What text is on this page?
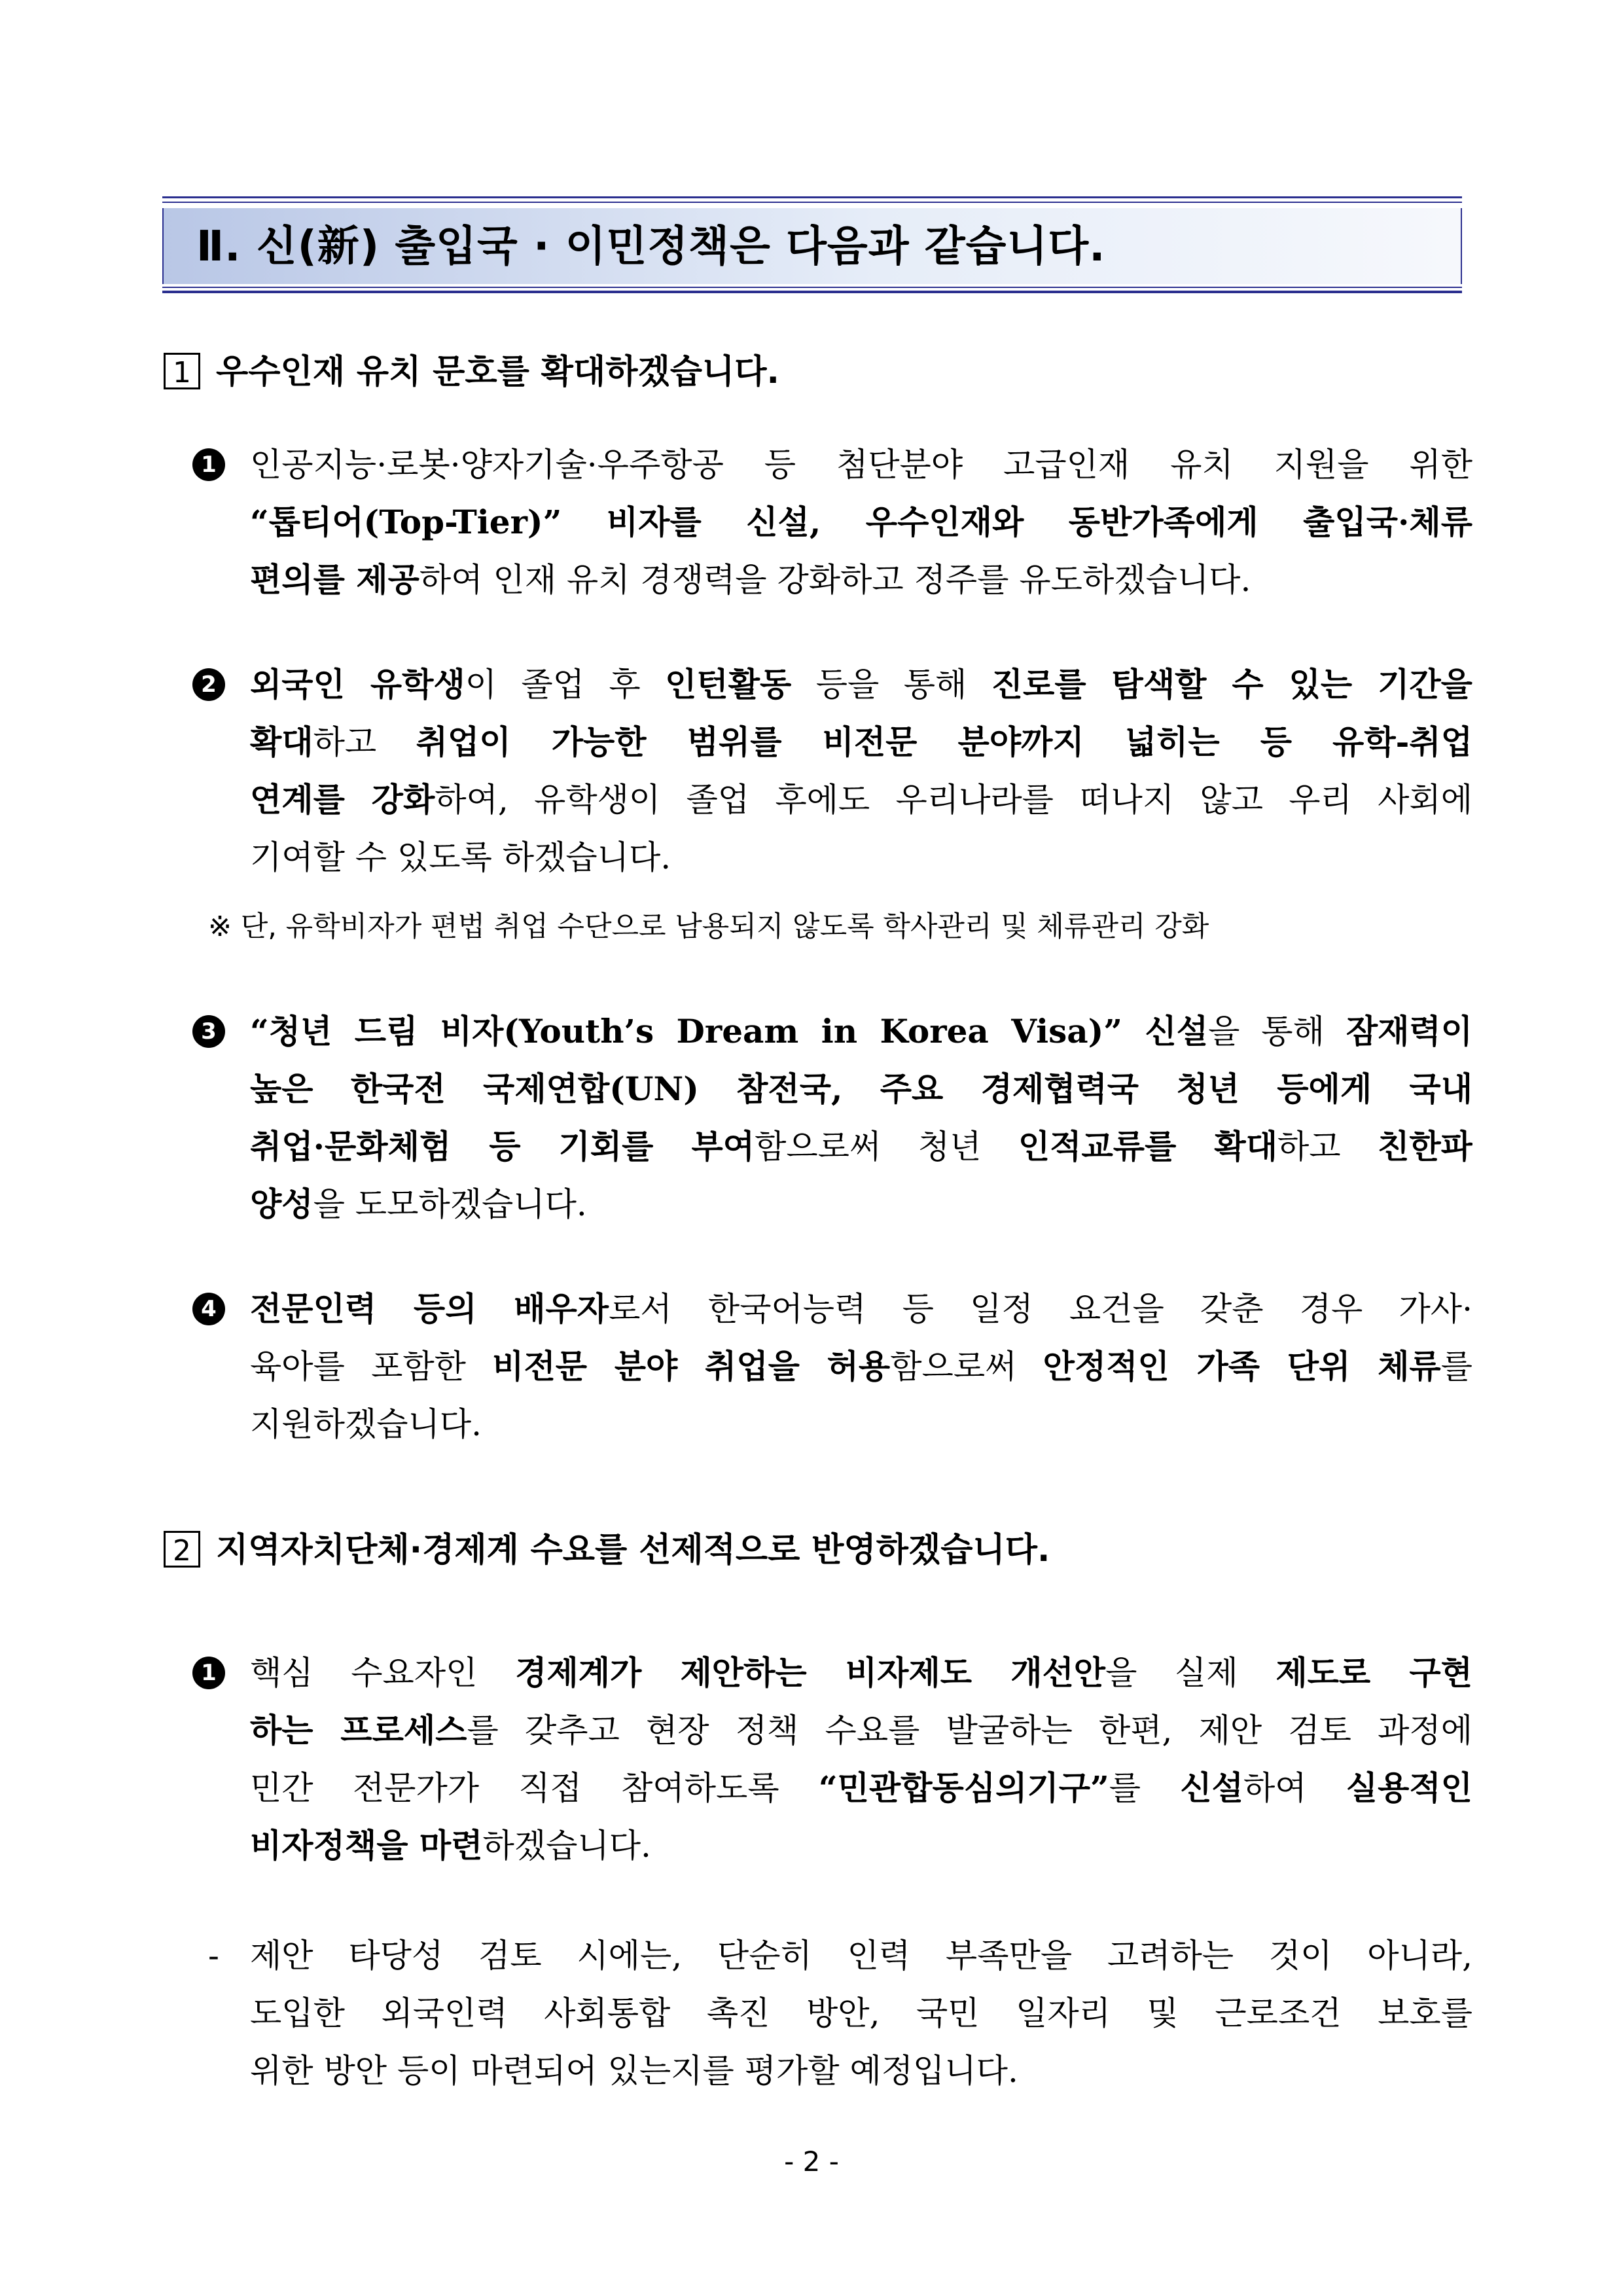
Ⅱ. 신(新) 출입국 · 이민정책은 다음과 같습니다.
1 우수인재 유치 문호를 확대하겠습니다.
1 인공지능·로봇·양자기술·우주항공 등 첨단분야 고급인재 유치 지원을 위한
“톱티어(Top-Tier)” 비자를 신설, 우수인재와 동반가족에게 출입국·체류
편의를 제공하여 인재 유치 경쟁력을 강화하고 정주를 유도하겠습니다.
2 외국인 유학생이 졸업 후 인턴활동 등을 통해 진로를 탐색할 수 있는 기간을
확대하고 취업이 가능한 범위를 비전문 분야까지 넓히는 등 유학-취업
연계를 강화하여, 유학생이 졸업 후에도 우리나라를 떠나지 않고 우리 사회에
기여할 수 있도록 하겠습니다.
※ 단, 유학비자가 편법 취업 수단으로 남용되지 않도록 학사관리 및 체류관리 강화
3 “청년 드림 비자(Youth’s Dream in Korea Visa)” 신설을 통해 잠재력이
높은 한국전 국제연합(UN) 참전국, 주요 경제협력국 청년 등에게 국내
취업·문화체험 등 기회를 부여함으로써 청년 인적교류를 확대하고 친한파
양성을 도모하겠습니다.
4 전문인력 등의 배우자로서 한국어능력 등 일정 요건을 갖춘 경우 가사·
육아를 포함한 비전문 분야 취업을 허용함으로써 안정적인 가족 단위 체류를
지원하겠습니다.
2 지역자치단체·경제계 수요를 선제적으로 반영하겠습니다.
1 핵심 수요자인 경제계가 제안하는 비자제도 개선안을 실제 제도로 구현
하는 프로세스를 갖추고 현장 정책 수요를 발굴하는 한편, 제안 검토 과정에
민간 전문가가 직접 참여하도록 “민관합동심의기구”를 신설하여 실용적인
비자정책을 마련하겠습니다.
- 제안 타당성 검토 시에는, 단순히 인력 부족만을 고려하는 것이 아니라,
도입한 외국인력 사회통합 촉진 방안, 국민 일자리 및 근로조건 보호를
위한 방안 등이 마련되어 있는지를 평가할 예정입니다.
- 2 -
